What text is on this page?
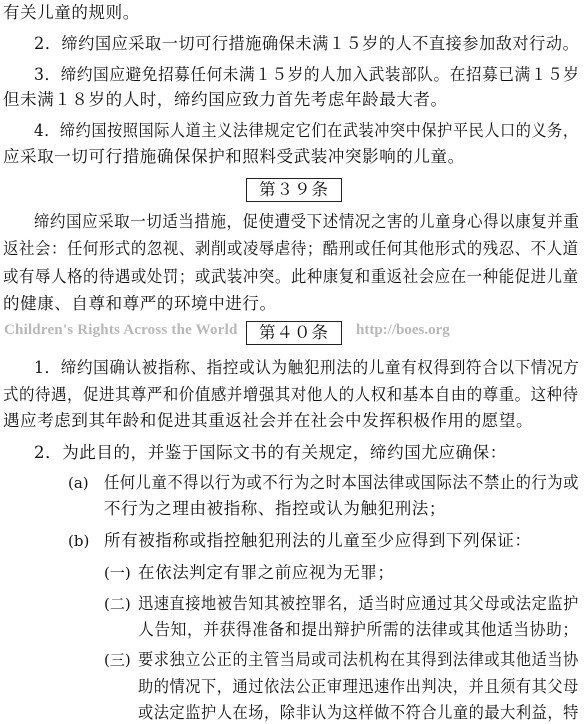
有关儿童的规则。
2．缔约国应采取一切可行措施确保未满１５岁的人不直接参加敌对行动。
3．缔约国应避免招募任何未满１５岁的人加入武装部队。在招募已满１５岁
但未满１８岁的人时，缔约国应致力首先考虑年龄最大者。
4．缔约国按照国际人道主义法律规定它们在武装冲突中保护平民人口的义务，
应采取一切可行措施确保保护和照料受武装冲突影响的儿童。
第３９条
缔约国应采取一切适当措施，促使遭受下述情况之害的儿童身心得以康复并重
返社会：任何形式的忽视、剥削或凌辱虐待；酷刑或任何其他形式的残忍、不人道
或有辱人格的待遇或处罚；或武装冲突。此种康复和重返社会应在一种能促进儿童
的健康、自尊和尊严的环境中进行。
Children's Rights Across the World	第４０条	http://boes.org
1．缔约国确认被指称、指控或认为触犯刑法的儿童有权得到符合以下情况方
式的待遇，促进其尊严和价值感并增强其对他人的人权和基本自由的尊重。这种待
遇应考虑到其年龄和促进其重返社会并在社会中发挥积极作用的愿望。
2．为此目的，并鉴于国际文书的有关规定，缔约国尤应确保：
(a) 任何儿童不得以行为或不行为之时本国法律或国际法不禁止的行为或
不行为之理由被指称、指控或认为触犯刑法；
(b) 所有被指称或指控触犯刑法的儿童至少应得到下列保证：
(一) 在依法判定有罪之前应视为无罪；
(二) 迅速直接地被告知其被控罪名，适当时应通过其父母或法定监护
人告知，并获得准备和提出辩护所需的法律或其他适当协助；
(三) 要求独立公正的主管当局或司法机构在其得到法律或其他适当协
助的情况下，通过依法公正审理迅速作出判决，并且须有其父母
或法定监护人在场，除非认为这样做不符合儿童的最大利益，特
